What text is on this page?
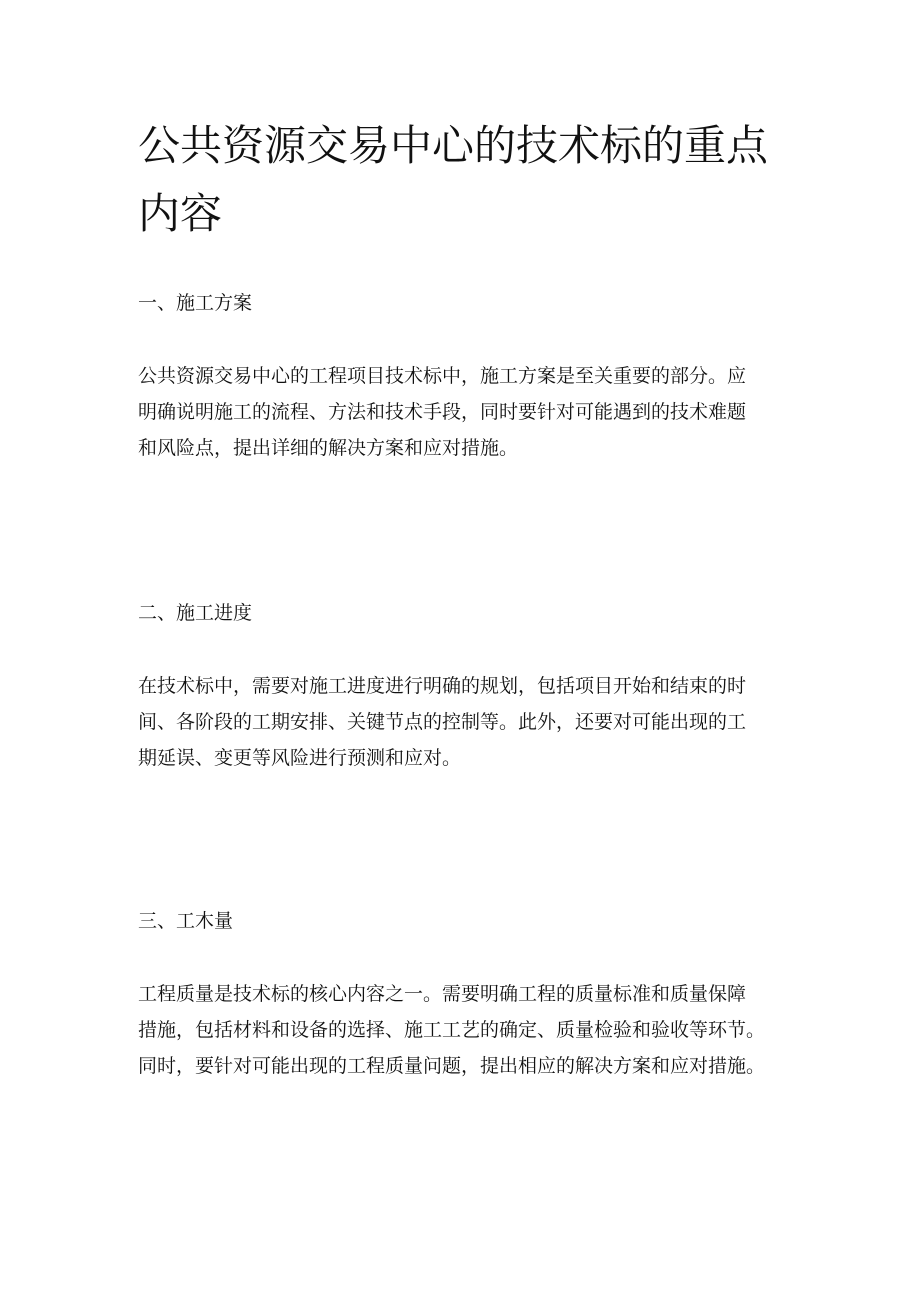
公共资源交易中心的技术标的重点
内容
一、施工方案

公共资源交易中心的工程项目技术标中，施工方案是至关重要的部分。应
明确说明施工的流程、方法和技术手段，同时要针对可能遇到的技术难题
和风险点，提出详细的解决方案和应对措施。

二、施工进度

在技术标中，需要对施工进度进行明确的规划，包括项目开始和结束的时
间、各阶段的工期安排、关键节点的控制等。此外，还要对可能出现的工
期延误、变更等风险进行预测和应对。

三、工木量

工程质量是技术标的核心内容之一。需要明确工程的质量标准和质量保障
措施，包括材料和设备的选择、施工工艺的确定、质量检验和验收等环节。
同时，要针对可能出现的工程质量问题，提出相应的解决方案和应对措施。
